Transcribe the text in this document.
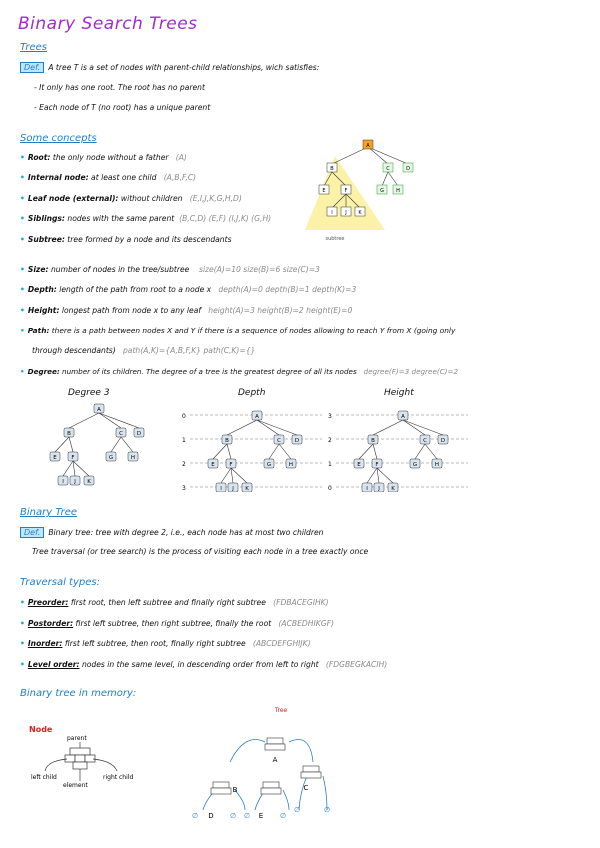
Binary Search Trees
Trees
Def. A tree T is a set of nodes with parent-child relationships, wich satisfies:
- It only has one root. The root has no parent
- Each node of T (no root) has a unique parent
Some concepts
• Root: the only node without a father (A)
• Internal node: at least one child (A,B,F,C)
• Leaf node (external): without children (E,I,J,K,G,H,D)
• Siblings: nodes with the same parent (B,C,D) (E,F) (I,J,K) (G,H)
• Subtree: tree formed by a node and its descendants
A
B	C	D
E	F	G H
I	J K
subtree
• Size: number of nodes in the tree/subtree size(A)=10 size(B)=6 size(C)=3
• Depth: length of the path from root to a node x depth(A)=0 depth(B)=1 depth(K)=3
• Height: longest path from node x to any leaf height(A)=3 height(B)=2 height(E)=0
• Path: there is a path between nodes X and Y if there is a sequence of nodes allowing to reach Y from X (going only
through descendants) path(A,K)={A,B,F,K} path(C,K)={}
• Degree: number of its children. The degree of a tree is the greatest degree of all its nodes degree(F)=3 degree(C)=2
Degree 3	Depth	Height
A
B	C	D
E	F	G	H
I J K
0
1
2
3
A
B	C	D
E	F	G	H
I J K
3
2
1
0
A
B	C	D
E	F	G	H
I J K
Binary Tree
Def. Binary tree: tree with degree 2, i.e., each node has at most two children
Tree traversal (or tree search) is the process of visiting each node in a tree exactly once
Traversal types:
• Preorder: first root, then left subtree and finally right subtree (FDBACEGIHK)
• Postorder: first left subtree, then right subtree, finally the root (ACBEDHIKGF)
• Inorder: first left subtree, then root, finally right subtree (ABCDEFGHIJK)
• Level order: nodes in the same level, in descending order from left to right (FDGBEGKACIH)
Binary tree in memory:
Node
parent
left child	right child
element
Tree
A
B	C
D	E
∅	∅ ∅	∅
∅	∅
